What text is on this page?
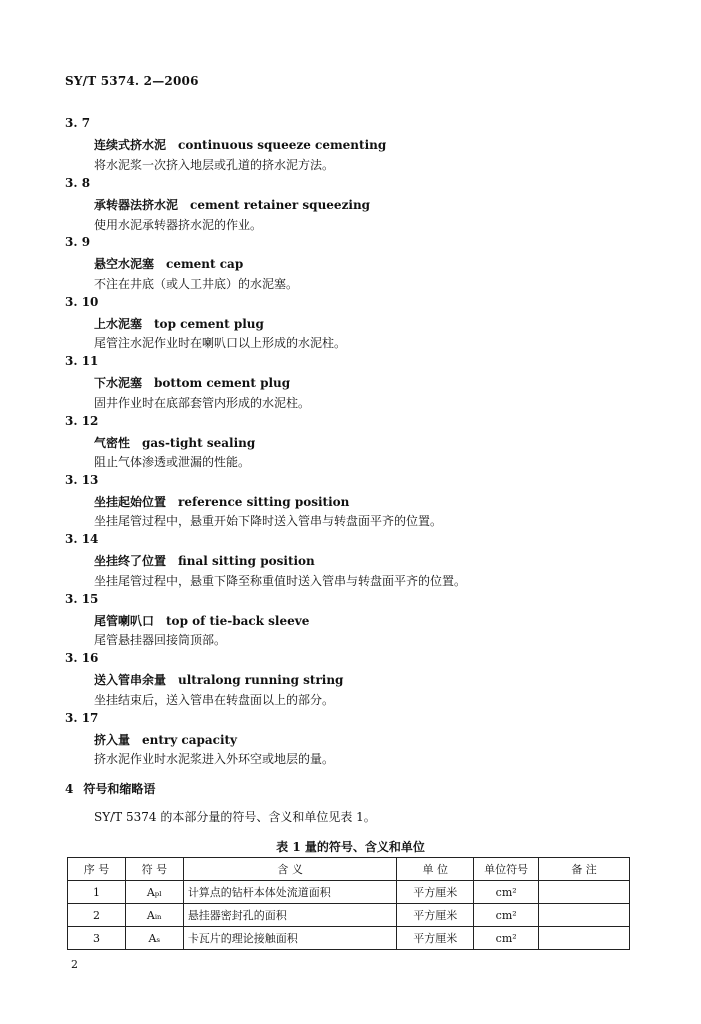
SY/T 5374. 2—2006
3. 7
连续式挤水泥 continuous squeeze cementing
将水泥浆一次挤入地层或孔道的挤水泥方法。
3. 8
承转器法挤水泥 cement retainer squeezing
使用水泥承转器挤水泥的作业。
3. 9
悬空水泥塞 cement cap
不注在井底（或人工井底）的水泥塞。
3. 10
上水泥塞 top cement plug
尾管注水泥作业时在喇叭口以上形成的水泥柱。
3. 11
下水泥塞 bottom cement plug
固井作业时在底部套管内形成的水泥柱。
3. 12
气密性 gas-tight sealing
阻止气体渗透或泄漏的性能。
3. 13
坐挂起始位置 reference sitting position
坐挂尾管过程中，悬重开始下降时送入管串与转盘面平齐的位置。
3. 14
坐挂终了位置 final sitting position
坐挂尾管过程中，悬重下降至称重值时送入管串与转盘面平齐的位置。
3. 15
尾管喇叭口 top of tie-back sleeve
尾管悬挂器回接筒顶部。
3. 16
送入管串余量 ultralong running string
坐挂结束后，送入管串在转盘面以上的部分。
3. 17
挤入量 entry capacity
挤水泥作业时水泥浆进入外环空或地层的量。
4 符号和缩略语
SY/T 5374 的本部分量的符号、含义和单位见表 1。
表 1 量的符号、含义和单位
序 号	符 号	含 义	单 位	单位符号	备 注
1	Aₚₗ	计算点的钻杆本体处流道面积	平方厘米	cm²	
2	Aᵢₙ	悬挂器密封孔的面积	平方厘米	cm²	
3	Aₛ	卡瓦片的理论接触面积	平方厘米	cm²	
2
